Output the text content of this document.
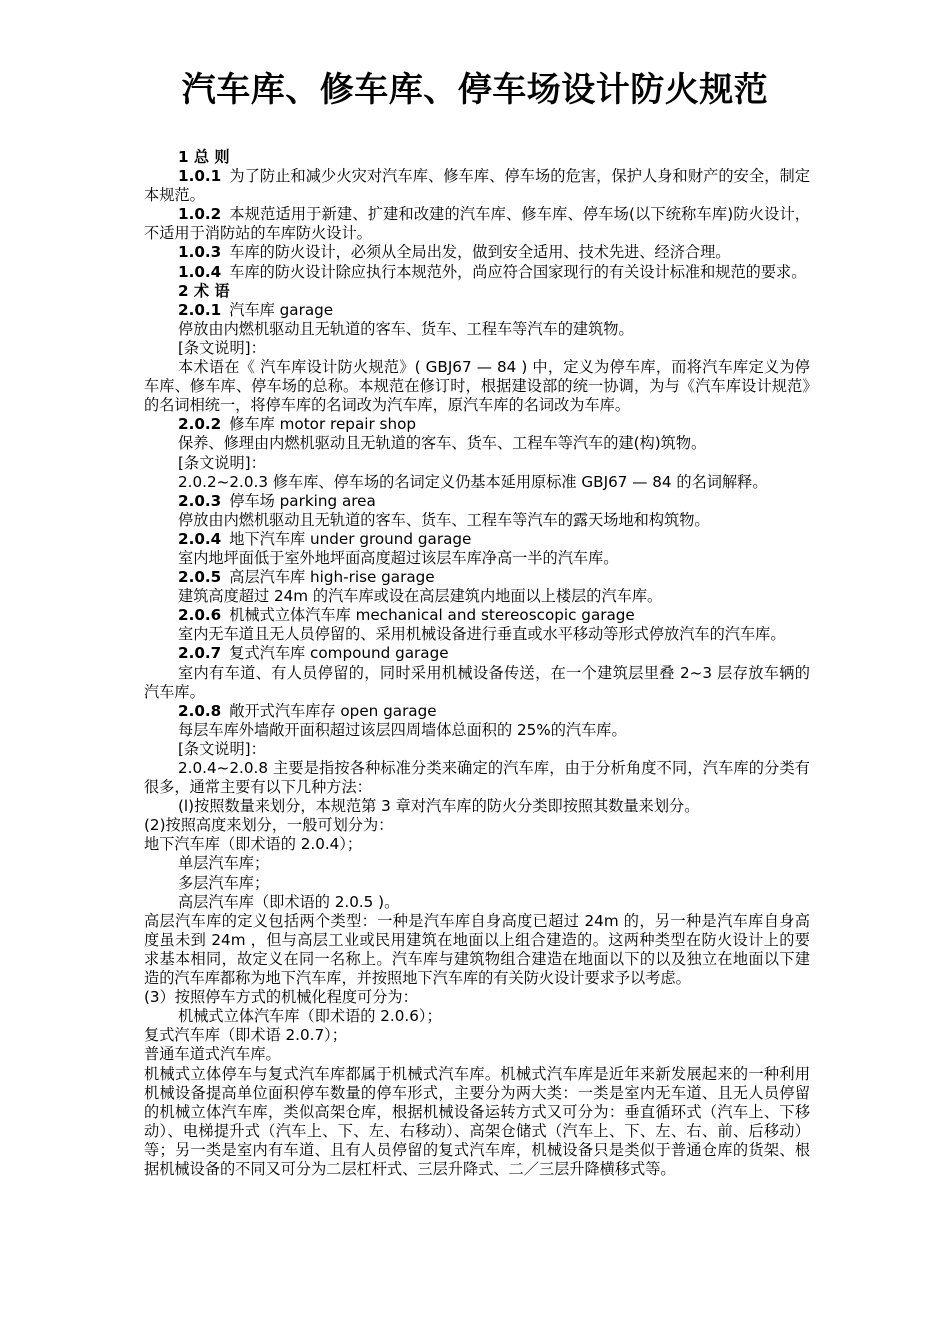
汽车库、修车库、停车场设计防火规范

1 总 则

1.0.1 为了防止和减少火灾对汽车库、修车库、停车场的危害，保护人身和财产的安全，制定本规范。

1.0.2 本规范适用于新建、扩建和改建的汽车库、修车库、停车场(以下统称车库)防火设计，不适用于消防站的车库防火设计。

1.0.3 车库的防火设计，必须从全局出发，做到安全适用、技术先进、经济合理。

1.0.4 车库的防火设计除应执行本规范外，尚应符合国家现行的有关设计标准和规范的要求。

2 术 语

2.0.1 汽车库 garage

停放由内燃机驱动且无轨道的客车、货车、工程车等汽车的建筑物。

[条文说明]：

本术语在《 汽车库设计防火规范》( GBJ67 — 84 ) 中，定义为停车库，而将汽车库定义为停车库、修车库、停车场的总称。本规范在修订时，根据建设部的统一协调，为与《汽车库设计规范》的名词相统一，将停车库的名词改为汽车库，原汽车库的名词改为车库。

2.0.2 修车库 motor repair shop

保养、修理由内燃机驱动且无轨道的客车、货车、工程车等汽车的建(构)筑物。

[条文说明]：

2.0.2~2.0.3 修车库、停车场的名词定义仍基本延用原标准 GBJ67 — 84 的名词解释。

2.0.3 停车场 parking area

停放由内燃机驱动且无轨道的客车、货车、工程车等汽车的露天场地和构筑物。

2.0.4 地下汽车库 under ground garage

室内地坪面低于室外地坪面高度超过该层车库净高一半的汽车库。

2.0.5 高层汽车库 high-rise garage

建筑高度超过 24m 的汽车库或设在高层建筑内地面以上楼层的汽车库。

2.0.6 机械式立体汽车库 mechanical and stereoscopic garage

室内无车道且无人员停留的、采用机械设备进行垂直或水平移动等形式停放汽车的汽车库。

2.0.7 复式汽车库 compound garage

室内有车道、有人员停留的，同时采用机械设备传送，在一个建筑层里叠 2~3 层存放车辆的汽车库。

2.0.8 敞开式汽车库存 open garage

每层车库外墙敞开面积超过该层四周墙体总面积的 25%的汽车库。

[条文说明]：

2.0.4~2.0.8 主要是指按各种标准分类来确定的汽车库，由于分析角度不同，汽车库的分类有很多，通常主要有以下几种方法：

(l)按照数量来划分，本规范第 3 章对汽车库的防火分类即按照其数量来划分。

(2)按照高度来划分，一般可划分为：

地下汽车库（即术语的 2.0.4）；

单层汽车库；

多层汽车库；

高层汽车库（即术语的 2.0.5 )。

高层汽车库的定义包括两个类型：一种是汽车库自身高度已超过 24m 的，另一种是汽车库自身高度虽未到 24m ，但与高层工业或民用建筑在地面以上组合建造的。这两种类型在防火设计上的要求基本相同，故定义在同一名称上。汽车库与建筑物组合建造在地面以下的以及独立在地面以下建造的汽车库都称为地下汽车库，并按照地下汽车库的有关防火设计要求予以考虑。

(3）按照停车方式的机械化程度可分为：

机械式立体汽车库（即术语的 2.0.6）；

复式汽车库（即术语 2.0.7）；

普通车道式汽车库。

机械式立体停车与复式汽车库都属于机械式汽车库。机械式汽车库是近年来新发展起来的一种利用机械设备提高单位面积停车数量的停车形式，主要分为两大类：一类是室内无车道、且无人员停留的机械立体汽车库，类似高架仓库，根据机械设备运转方式又可分为：垂直循环式（汽车上、下移动）、电梯提升式（汽车上、下、左、右移动）、高架仓储式（汽车上、下、左、右、前、后移动）等；另一类是室内有车道、且有人员停留的复式汽车库，机械设备只是类似于普通仓库的货架、根据机械设备的不同又可分为二层杠杆式、三层升降式、二／三层升降横移式等。
